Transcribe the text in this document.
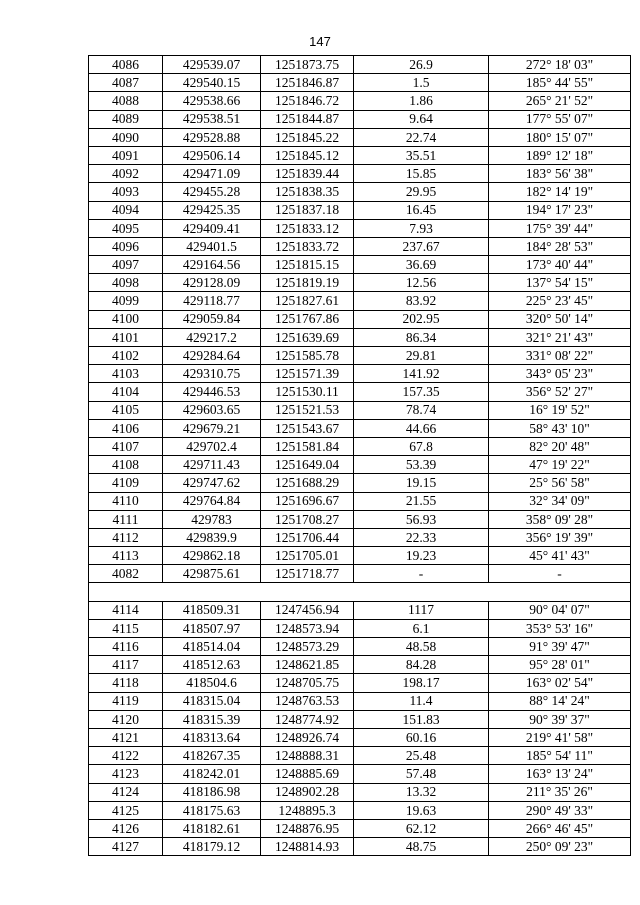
147
4086	429539.07	1251873.75	26.9	272° 18' 03"
4087	429540.15	1251846.87	1.5	185° 44' 55"
4088	429538.66	1251846.72	1.86	265° 21' 52"
4089	429538.51	1251844.87	9.64	177° 55' 07"
4090	429528.88	1251845.22	22.74	180° 15' 07"
4091	429506.14	1251845.12	35.51	189° 12' 18"
4092	429471.09	1251839.44	15.85	183° 56' 38"
4093	429455.28	1251838.35	29.95	182° 14' 19"
4094	429425.35	1251837.18	16.45	194° 17' 23"
4095	429409.41	1251833.12	7.93	175° 39' 44"
4096	429401.5	1251833.72	237.67	184° 28' 53"
4097	429164.56	1251815.15	36.69	173° 40' 44"
4098	429128.09	1251819.19	12.56	137° 54' 15"
4099	429118.77	1251827.61	83.92	225° 23' 45"
4100	429059.84	1251767.86	202.95	320° 50' 14"
4101	429217.2	1251639.69	86.34	321° 21' 43"
4102	429284.64	1251585.78	29.81	331° 08' 22"
4103	429310.75	1251571.39	141.92	343° 05' 23"
4104	429446.53	1251530.11	157.35	356° 52' 27"
4105	429603.65	1251521.53	78.74	16° 19' 52"
4106	429679.21	1251543.67	44.66	58° 43' 10"
4107	429702.4	1251581.84	67.8	82° 20' 48"
4108	429711.43	1251649.04	53.39	47° 19' 22"
4109	429747.62	1251688.29	19.15	25° 56' 58"
4110	429764.84	1251696.67	21.55	32° 34' 09"
4111	429783	1251708.27	56.93	358° 09' 28"
4112	429839.9	1251706.44	22.33	356° 19' 39"
4113	429862.18	1251705.01	19.23	45° 41' 43"
4082	429875.61	1251718.77	-	-

4114	418509.31	1247456.94	1117	90° 04' 07"
4115	418507.97	1248573.94	6.1	353° 53' 16"
4116	418514.04	1248573.29	48.58	91° 39' 47"
4117	418512.63	1248621.85	84.28	95° 28' 01"
4118	418504.6	1248705.75	198.17	163° 02' 54"
4119	418315.04	1248763.53	11.4	88° 14' 24"
4120	418315.39	1248774.92	151.83	90° 39' 37"
4121	418313.64	1248926.74	60.16	219° 41' 58"
4122	418267.35	1248888.31	25.48	185° 54' 11"
4123	418242.01	1248885.69	57.48	163° 13' 24"
4124	418186.98	1248902.28	13.32	211° 35' 26"
4125	418175.63	1248895.3	19.63	290° 49' 33"
4126	418182.61	1248876.95	62.12	266° 46' 45"
4127	418179.12	1248814.93	48.75	250° 09' 23"
